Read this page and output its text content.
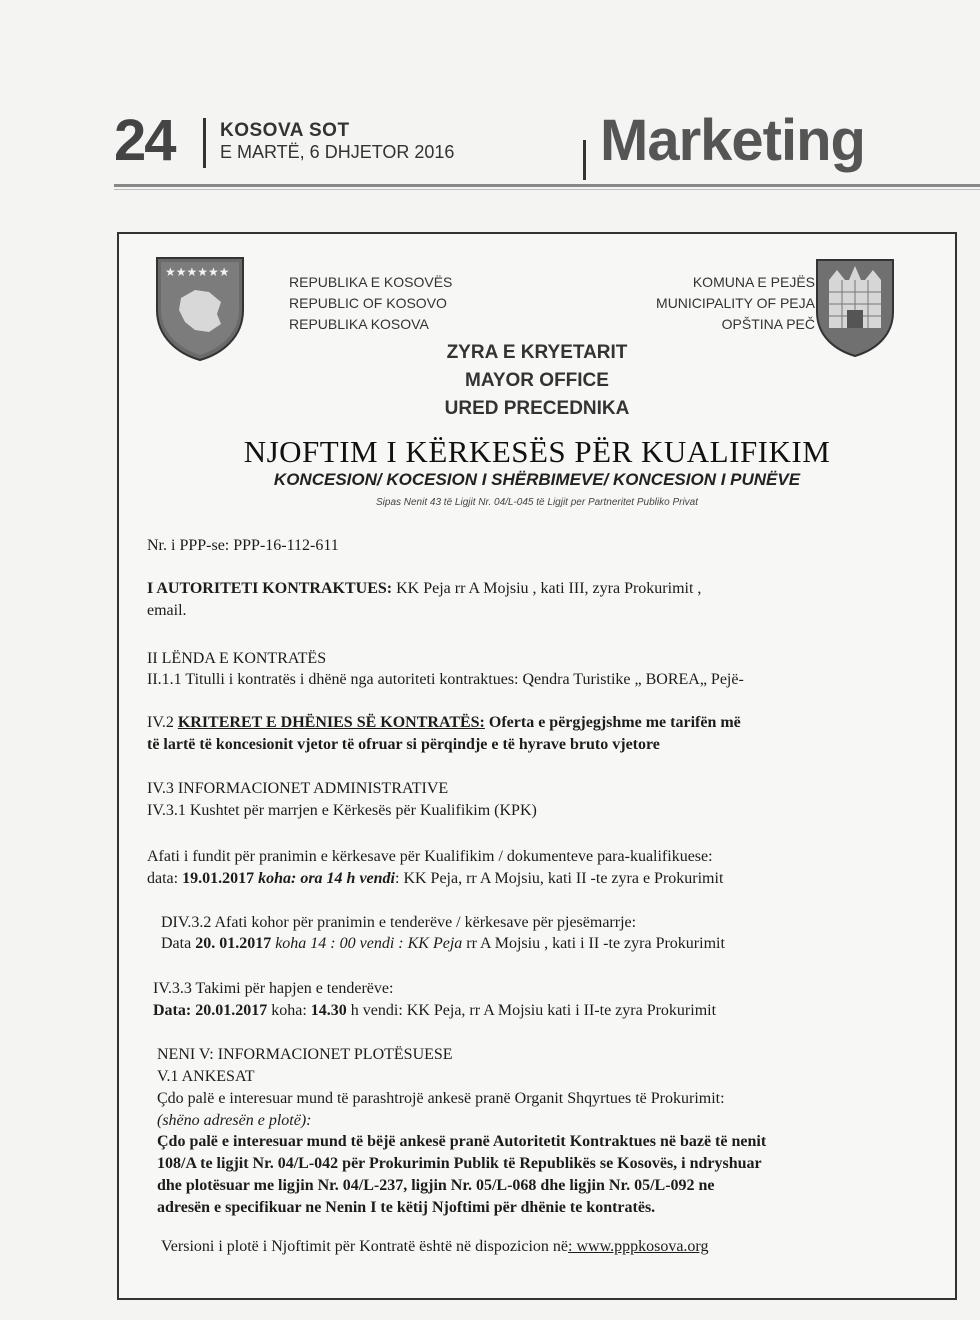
24 KOSOVA SOT
E MARTË, 6 DHJETOR 2016	Marketing
★★★★★★
REPUBLIKA E KOSOVËS
REPUBLIC OF KOSOVO
REPUBLIKA KOSOVA
KOMUNA E PEJËS
MUNICIPALITY OF PEJA
OPŠTINA PEČ
ZYRA E KRYETARIT
MAYOR OFFICE
URED PRECEDNIKA
NJOFTIM I KËRKESËS PËR KUALIFIKIM
KONCESION/ KOCESION I SHËRBIMEVE/ KONCESION I PUNËVE
Sipas Nenit 43 të Ligjit Nr. 04/L-045 të Ligjit per Partneritet Publiko Privat
Nr. i PPP-se: PPP-16-112-611
I AUTORITETI KONTRAKTUES: KK Peja rr A Mojsiu , kati III, zyra Prokurimit ,
email.
II LËNDA E KONTRATËS
II.1.1 Titulli i kontratës i dhënë nga autoriteti kontraktues: Qendra Turistike „ BOREA„ Pejë-
IV.2 KRITERET E DHËNIES SË KONTRATËS: Oferta e përgjegjshme me tarifën më
të lartë të koncesionit vjetor të ofruar si përqindje e të hyrave bruto vjetore
IV.3 INFORMACIONET ADMINISTRATIVE
IV.3.1 Kushtet për marrjen e Kërkesës për Kualifikim (KPK)
Afati i fundit për pranimin e kërkesave për Kualifikim / dokumenteve para-kualifikuese:
data: 19.01.2017 koha: ora 14 h vendi: KK Peja, rr A Mojsiu, kati II -te zyra e Prokurimit
DIV.3.2 Afati kohor për pranimin e tenderëve / kërkesave për pjesëmarrje:
Data 20. 01.2017 koha 14 : 00 vendi : KK Peja rr A Mojsiu , kati i II -te zyra Prokurimit
IV.3.3 Takimi për hapjen e tenderëve:
Data: 20.01.2017 koha: 14.30 h vendi: KK Peja, rr A Mojsiu kati i II-te zyra Prokurimit
NENI V: INFORMACIONET PLOTËSUESE
V.1 ANKESAT
Çdo palë e interesuar mund të parashtrojë ankesë pranë Organit Shqyrtues të Prokurimit:
(shëno adresën e plotë):
Çdo palë e interesuar mund të bëjë ankesë pranë Autoritetit Kontraktues në bazë të nenit
108/A te ligjit Nr. 04/L-042 për Prokurimin Publik të Republikës se Kosovës, i ndryshuar
dhe plotësuar me ligjin Nr. 04/L-237, ligjin Nr. 05/L-068 dhe ligjin Nr. 05/L-092 ne
adresën e specifikuar ne Nenin I te këtij Njoftimi për dhënie te kontratës.
Versioni i plotë i Njoftimit për Kontratë është në dispozicion në: www.pppkosova.org
